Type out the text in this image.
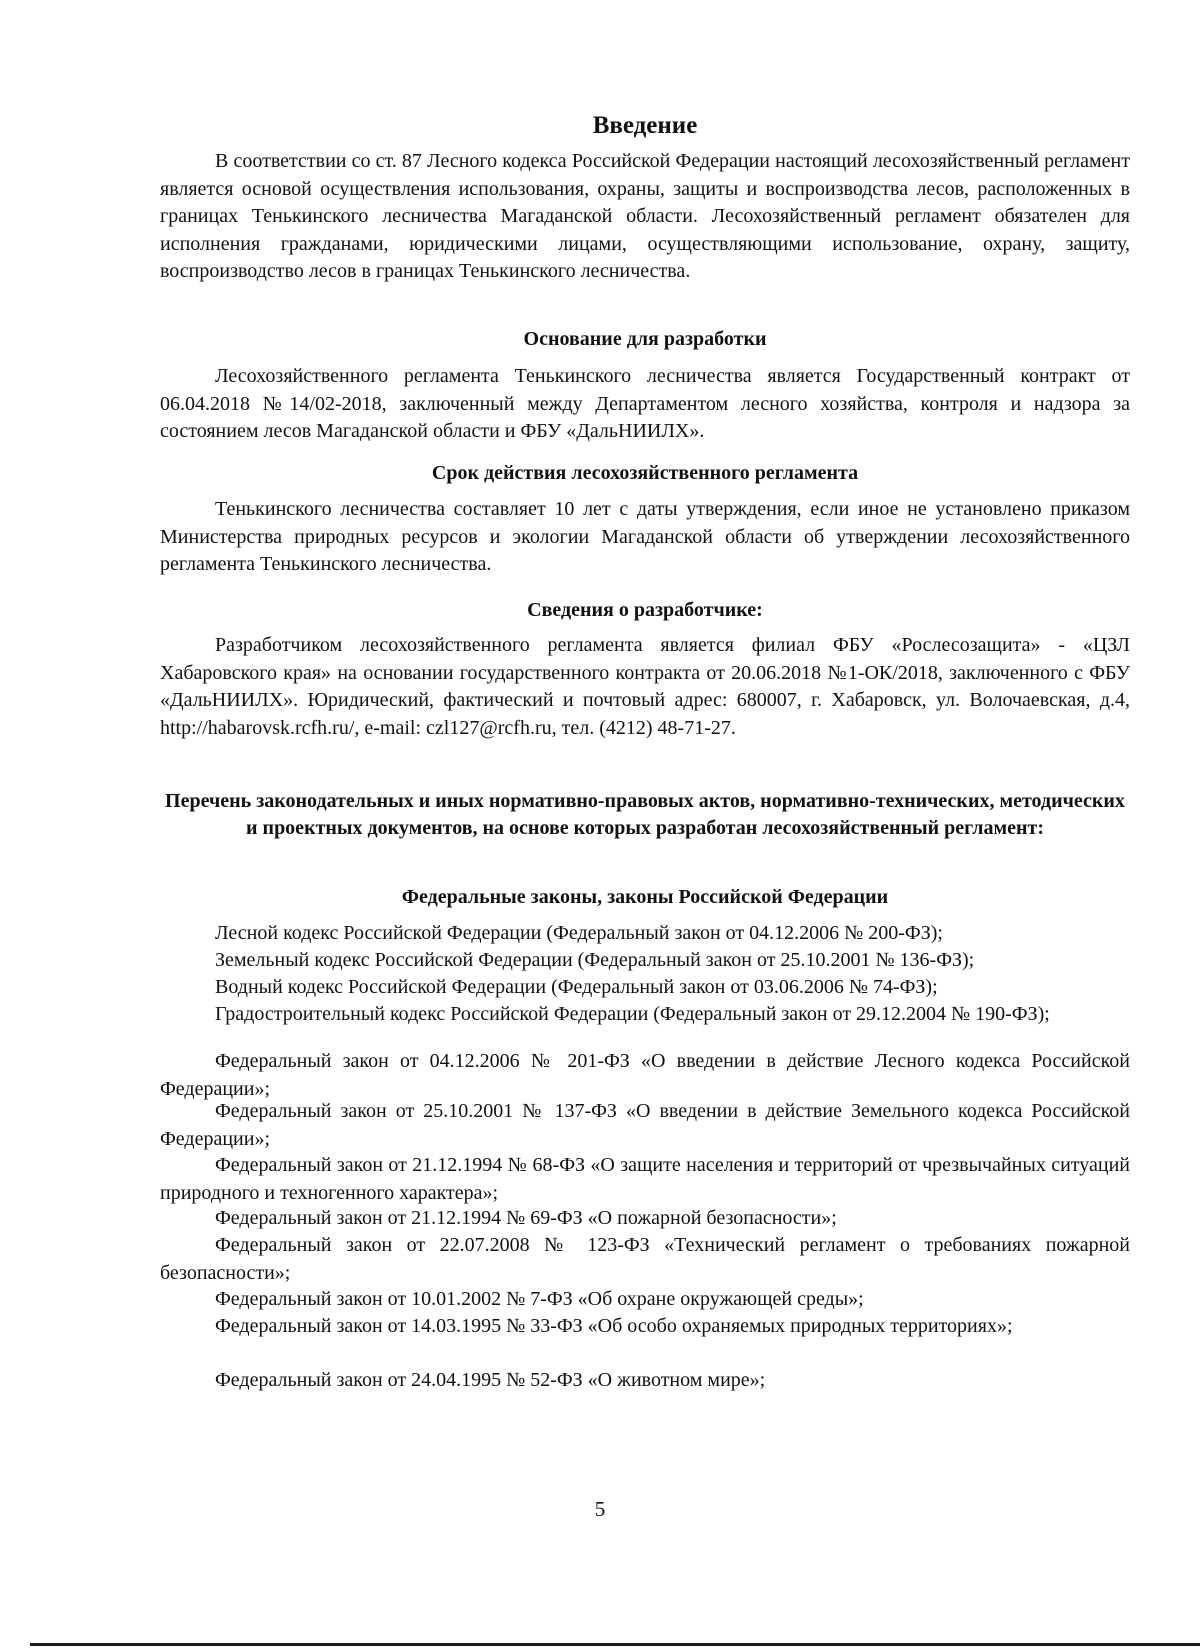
Введение

В соответствии со ст. 87 Лесного кодекса Российской Федерации настоящий лесохозяйственный регламент является основой осуществления использования, охраны, защиты и воспроизводства лесов, расположенных в границах Тенькинского лесничества Магаданской области. Лесохозяйственный регламент обязателен для исполнения гражданами, юридическими лицами, осуществляющими использование, охрану, защиту, воспроизводство лесов в границах Тенькинского лесничества.

Основание для разработки

Лесохозяйственного регламента Тенькинского лесничества является Государственный контракт от 06.04.2018 №14/02-2018, заключенный между Департаментом лесного хозяйства, контроля и надзора за состоянием лесов Магаданской области и ФБУ «ДальНИИЛХ».

Срок действия лесохозяйственного регламента

Тенькинского лесничества составляет 10 лет с даты утверждения, если иное не установлено приказом Министерства природных ресурсов и экологии Магаданской области об утверждении лесохозяйственного регламента Тенькинского лесничества.

Сведения о разработчике:

Разработчиком лесохозяйственного регламента является филиал ФБУ «Рослесозащита» - «ЦЗЛ Хабаровского края» на основании государственного контракта от 20.06.2018 №1-ОК/2018, заключенного с ФБУ «ДальНИИЛХ». Юридический, фактический и почтовый адрес: 680007, г. Хабаровск, ул. Волочаевская, д.4, http://habarovsk.rcfh.ru/, e-mail: czl127@rcfh.ru, тел. (4212) 48-71-27.

Перечень законодательных и иных нормативно-правовых актов, нормативно-технических, методических и проектных документов, на основе которых разработан лесохозяйственный регламент:
Федеральные законы, законы Российской Федерации

Лесной кодекс Российской Федерации (Федеральный закон от 04.12.2006 № 200-ФЗ);

Земельный кодекс Российской Федерации (Федеральный закон от 25.10.2001 № 136-ФЗ);

Водный кодекс Российской Федерации (Федеральный закон от 03.06.2006 № 74-ФЗ);

Градостроительный кодекс Российской Федерации (Федеральный закон от 29.12.2004 № 190-ФЗ);

Федеральный закон от 04.12.2006 № 201-ФЗ «О введении в действие Лесного кодекса Российской Федерации»;

Федеральный закон от 25.10.2001 № 137-ФЗ «О введении в действие Земельного кодекса Российской Федерации»;

Федеральный закон от 21.12.1994 № 68-ФЗ «О защите населения и территорий от чрезвычайных ситуаций природного и техногенного характера»;

Федеральный закон от 21.12.1994 № 69-ФЗ «О пожарной безопасности»;

Федеральный закон от 22.07.2008 № 123-ФЗ «Технический регламент о требованиях пожарной безопасности»;

Федеральный закон от 10.01.2002 № 7-ФЗ «Об охране окружающей среды»;

Федеральный закон от 14.03.1995 № 33-ФЗ «Об особо охраняемых природных территориях»;

Федеральный закон от 24.04.1995 № 52-ФЗ «О животном мире»;

5
